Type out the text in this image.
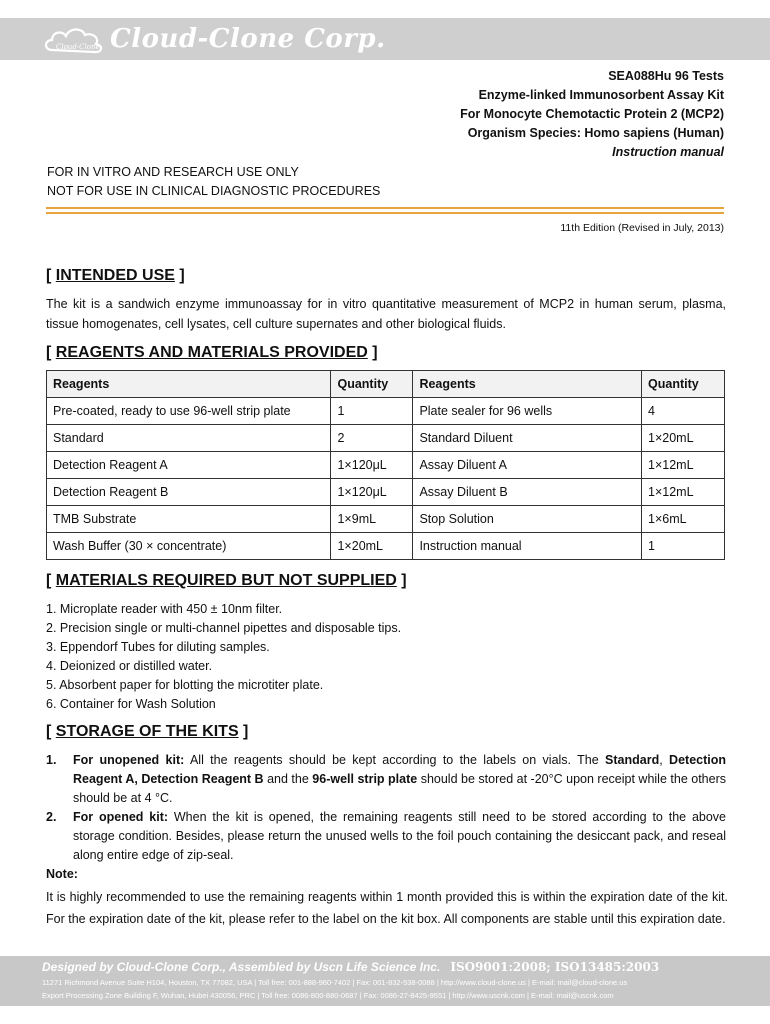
Cloud-Clone Cloud-Clone Corp.
SEA088Hu 96 Tests
Enzyme-linked Immunosorbent Assay Kit
For Monocyte Chemotactic Protein 2 (MCP2)
Organism Species: Homo sapiens (Human)
Instruction manual
FOR IN VITRO AND RESEARCH USE ONLY
NOT FOR USE IN CLINICAL DIAGNOSTIC PROCEDURES
11th Edition (Revised in July, 2013)
[ INTENDED USE ]
The kit is a sandwich enzyme immunoassay for in vitro quantitative measurement of MCP2 in human serum, plasma, tissue homogenates, cell lysates, cell culture supernates and other biological fluids.
[ REAGENTS AND MATERIALS PROVIDED ]
Reagents	Quantity	Reagents	Quantity
Pre-coated, ready to use 96-well strip plate	1	Plate sealer for 96 wells	4
Standard	2	Standard Diluent	1×20mL
Detection Reagent A	1×120μL	Assay Diluent A	1×12mL
Detection Reagent B	1×120μL	Assay Diluent B	1×12mL
TMB Substrate	1×9mL	Stop Solution	1×6mL
Wash Buffer (30 × concentrate)	1×20mL	Instruction manual	1
[ MATERIALS REQUIRED BUT NOT SUPPLIED ]
1. Microplate reader with 450 ± 10nm filter.
2. Precision single or multi-channel pipettes and disposable tips.
3. Eppendorf Tubes for diluting samples.
4. Deionized or distilled water.
5. Absorbent paper for blotting the microtiter plate.
6. Container for Wash Solution
[ STORAGE OF THE KITS ]
1. For unopened kit: All the reagents should be kept according to the labels on vials. The Standard, Detection Reagent A, Detection Reagent B and the 96-well strip plate should be stored at -20°C upon receipt while the others should be at 4 °C.
2. For opened kit: When the kit is opened, the remaining reagents still need to be stored according to the above storage condition. Besides, please return the unused wells to the foil pouch containing the desiccant pack, and reseal along entire edge of zip-seal.
Note:
It is highly recommended to use the remaining reagents within 1 month provided this is within the expiration date of the kit. For the expiration date of the kit, please refer to the label on the kit box. All components are stable until this expiration date.
Designed by Cloud-Clone Corp., Assembled by Uscn Life Science Inc. ISO9001:2008; ISO13485:2003
11271 Richmond Avenue Suite H104, Houston, TX 77082, USA | Toll free: 001-888-960-7402 | Fax: 001-832-538-0088 | http://www.cloud-clone.us | E-mail: mail@cloud-clone.us
Export Processing Zone Building F, Wuhan, Hubei 430056, PRC | Toll free: 0086-800-880-0687 | Fax: 0086-27-8425-9551 | http://www.uscnk.com | E-mail: mail@uscnk.com
